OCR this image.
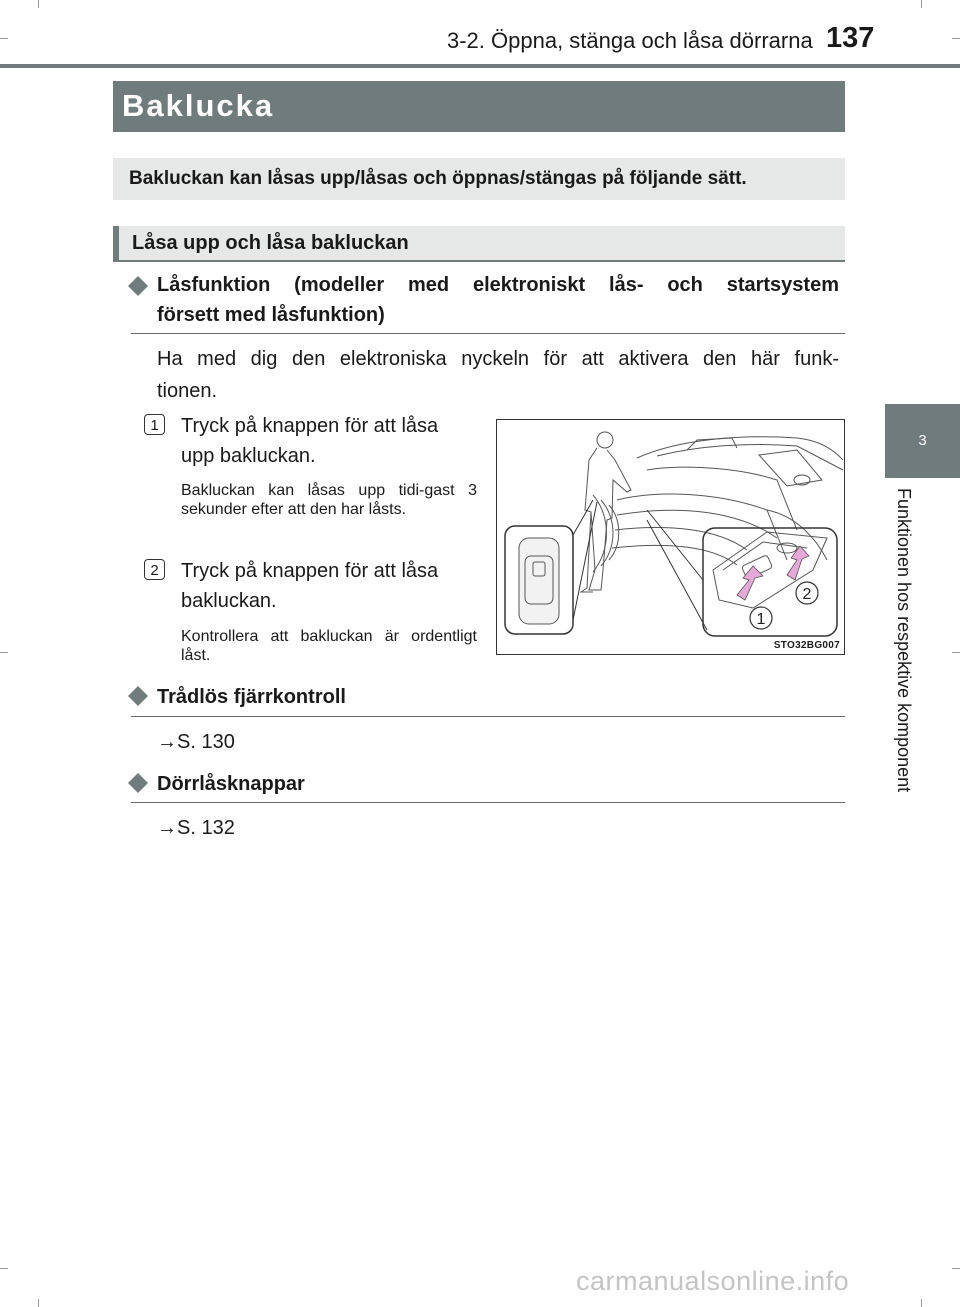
3-2. Öppna, stänga och låsa dörrarna 137
3
Funktionen hos respektive komponent
Baklucka
Bakluckan kan låsas upp/låsas och öppnas/stängas på följande sätt.
Låsa upp och låsa bakluckan
Låsfunktion (modeller med elektroniskt lås- och startsystem
försett med låsfunktion)
Ha med dig den elektroniska nyckeln för att aktivera den här funk-
tionen.
1	Tryck på knappen för att låsa
upp bakluckan.
Bakluckan kan låsas upp tidi-gast 3 sekunder efter att den har låsts.
2	Tryck på knappen för att låsa
bakluckan.
Kontrollera att bakluckan är ordentligt låst.
1
2
STO32BG007
Trådlös fjärrkontroll
→S. 130
Dörrlåsknappar
→S. 132
carmanualsonline.info
